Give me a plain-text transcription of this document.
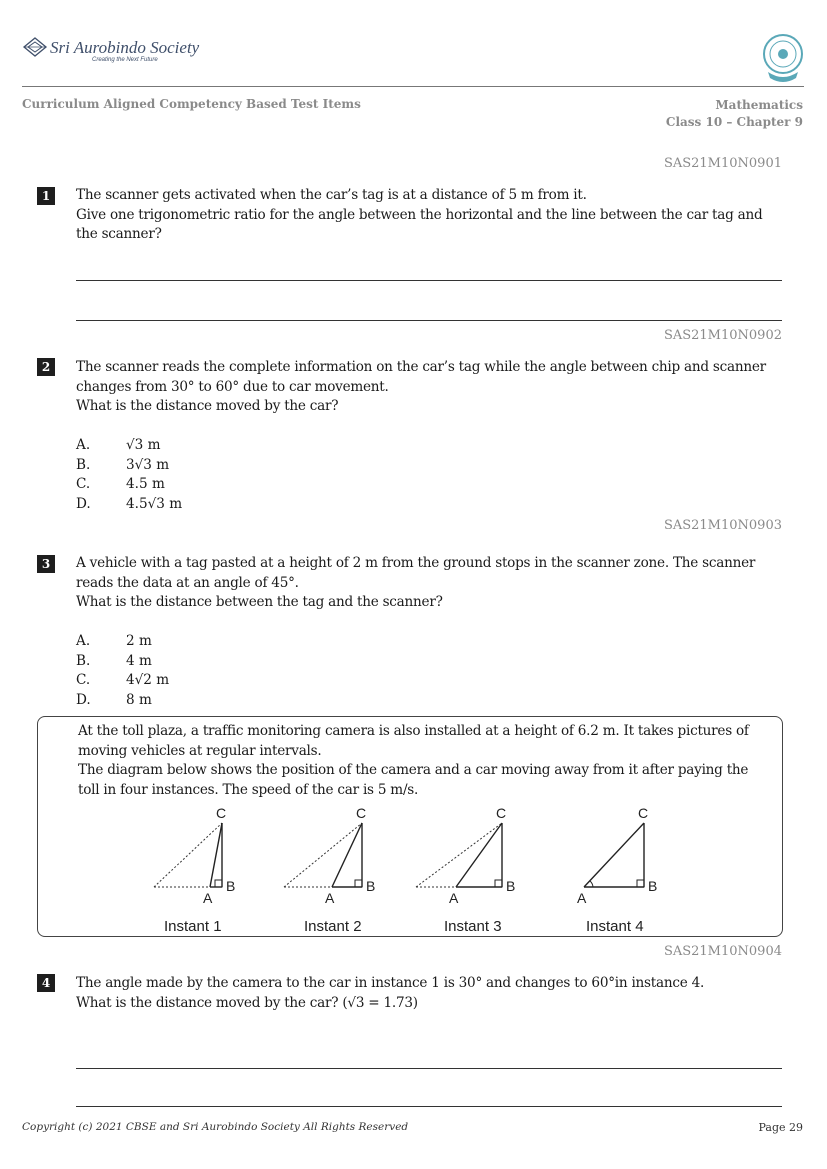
Sri Aurobindo Society
Creating the Next Future
Curriculum Aligned Competency Based Test Items	Mathematics
Class 10 – Chapter 9
SAS21M10N0901
1	The scanner gets activated when the car’s tag is at a distance of 5 m from it.
Give one trigonometric ratio for the angle between the horizontal and the line between the car tag and the scanner?
SAS21M10N0902
2	The scanner reads the complete information on the car’s tag while the angle between chip and scanner changes from 30° to 60° due to car movement.
What is the distance moved by the car?
A.	√3 m
B.	3√3 m
C.	4.5 m
D.	4.5√3 m
SAS21M10N0903
3	A vehicle with a tag pasted at a height of 2 m from the ground stops in the scanner zone. The scanner reads the data at an angle of 45°.
What is the distance between the tag and the scanner?
A.	2 m
B.	4 m
C.	4√2 m
D.	8 m
At the toll plaza, a traffic monitoring camera is also installed at a height of 6.2 m. It takes pictures of moving vehicles at regular intervals.
The diagram below shows the position of the camera and a car moving away from it after paying the toll in four instances. The speed of the car is 5 m/s.
C
A
B
Instant 1
C
A
B
Instant 2
C
A
B
Instant 3
C
A
B
Instant 4
SAS21M10N0904
4	The angle made by the camera to the car in instance 1 is 30° and changes to 60°in instance 4.
What is the distance moved by the car? (√3 = 1.73)
Copyright (c) 2021 CBSE and Sri Aurobindo Society All Rights Reserved	Page 29
